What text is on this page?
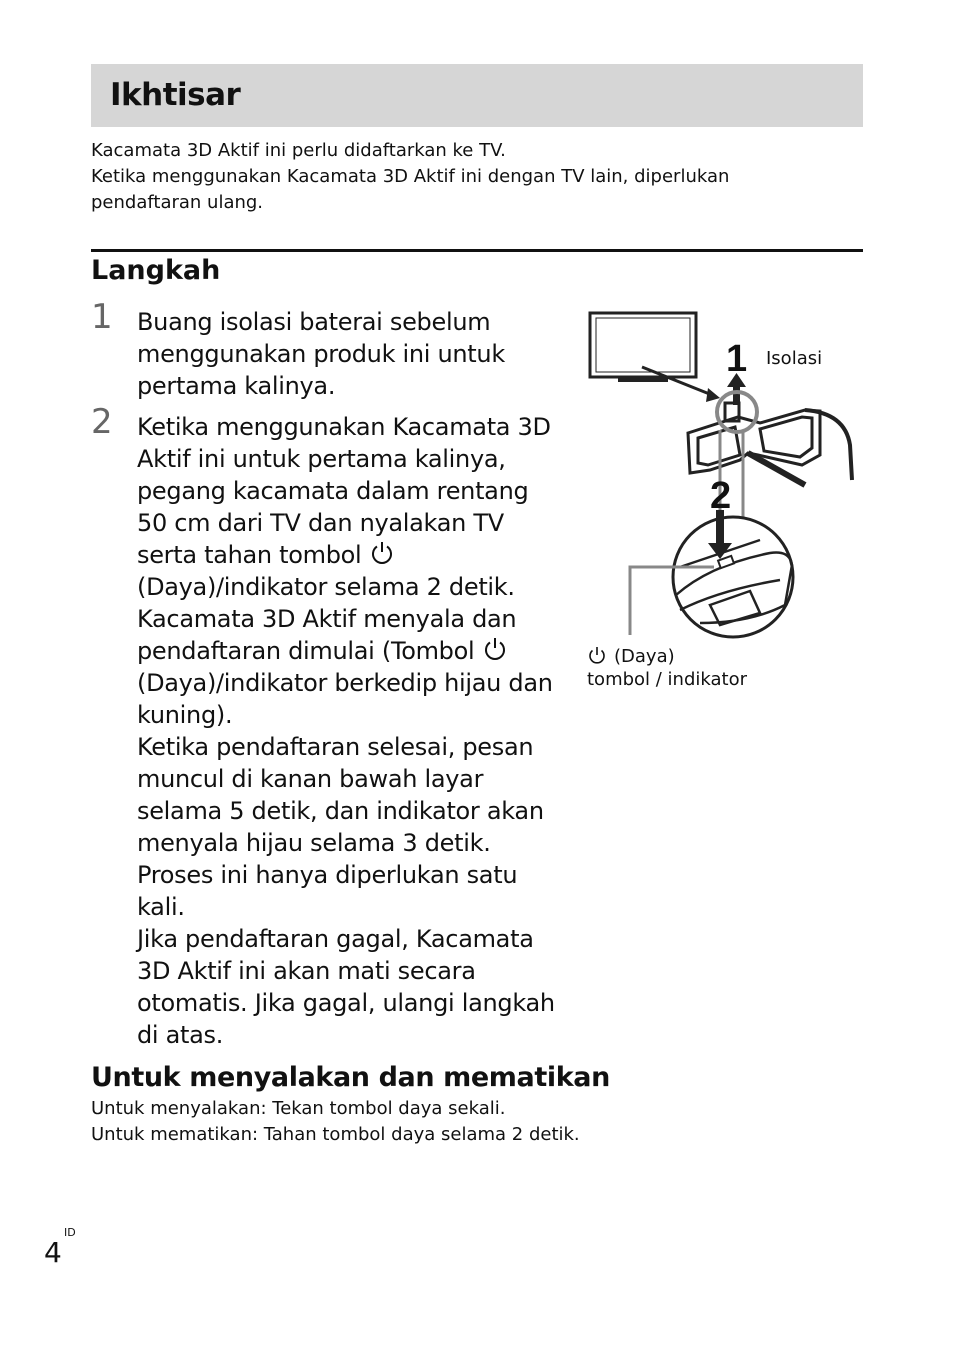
Ikhtisar

Kacamata 3D Aktif ini perlu didaftarkan ke TV.

Ketika menggunakan Kacamata 3D Aktif ini dengan TV lain, diperlukan pendaftaran ulang.

Langkah
1 Buang isolasi baterai sebelum menggunakan produk ini untuk pertama kalinya.

2 Ketika menggunakan Kacamata 3D Aktif ini untuk pertama kalinya, pegang kacamata dalam rentang 50 cm dari TV dan nyalakan TV serta tahan tombol  (Daya)/indikator selama 2 detik. Kacamata 3D Aktif menyala dan pendaftaran dimulai (Tombol  (Daya)/indikator berkedip hijau dan kuning).
Ketika pendaftaran selesai, pesan muncul di kanan bawah layar selama 5 detik, dan indikator akan menyala hijau selama 3 detik. Proses ini hanya diperlukan satu kali.
Jika pendaftaran gagal, Kacamata 3D Aktif ini akan mati secara otomatis. Jika gagal, ulangi langkah di atas.
1
2
Isolasi
(Daya)
tombol / indikator
Untuk menyalakan dan mematikan

Untuk menyalakan: Tekan tombol daya sekali.

Untuk mematikan: Tahan tombol daya selama 2 detik.

ID
4
